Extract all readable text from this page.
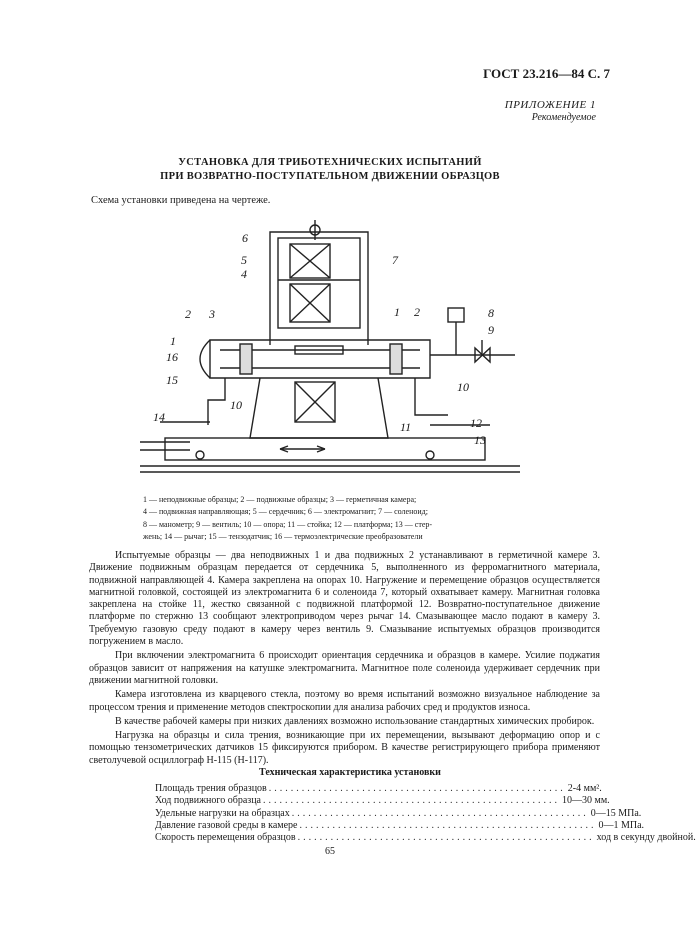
ГОСТ 23.216—84 С. 7
ПРИЛОЖЕНИЕ 1
Рекомендуемое
УСТАНОВКА ДЛЯ ТРИБОТЕХНИЧЕСКИХ ИСПЫТАНИЙ
ПРИ ВОЗВРАТНО-ПОСТУПАТЕЛЬНОМ ДВИЖЕНИИ ОБРАЗЦОВ
Схема установки приведена на чертеже.
6
5
4
7
2 3	1 2	8
9
1
16
15	10
10
14
11	12
13

1 — неподвижные образцы; 2 — подвижные образцы; 3 — герметичная камера;

4 — подвижная направляющая; 5 — сердечник; 6 — электромагнит; 7 — соленоид;

8 — манометр; 9 — вентиль; 10 — опора; 11 — стойка; 12 — платформа; 13 — стер-

жень; 14 — рычаг; 15 — тензодатчик; 16 — термоэлектрические преобразователи

Испытуемые образцы — два неподвижных 1 и два подвижных 2 устанавливают в герметичной камере 3. Движение подвижным образцам передается от сердечника 5, выполненного из ферромагнитного материала, подвижной направляющей 4. Камера закреплена на опорах 10. Нагружение и перемещение образцов осуществляется магнитной головкой, состоящей из электромагнита 6 и соленоида 7, который охватывает камеру. Магнитная головка закреплена на стойке 11, жестко связанной с подвижной платформой 12. Возвратно-поступательное движение платформе по стержню 13 сообщают электроприводом через рычаг 14. Смазывающее масло подают в камеру 3. Требуемую газовую среду подают в камеру через вентиль 9. Смазывание испытуемых образцов производится погружением в масло.

При включении электромагнита 6 происходит ориентация сердечника и образцов в камере. Усилие поджатия образцов зависит от напряжения на катушке электромагнита. Магнитное поле соленоида удерживает сердечник при движении магнитной головки.

Камера изготовлена из кварцевого стекла, поэтому во время испытаний возможно визуальное наблюдение за процессом трения и применение методов спектроскопии для анализа рабочих сред и продуктов износа.

В качестве рабочей камеры при низких давлениях возможно использование стандартных химических пробирок.

Нагрузка на образцы и сила трения, возникающие при их перемещении, вызывают деформацию опор и с помощью тензометрических датчиков 15 фиксируются прибором. В качестве регистрирующего прибора применяют светолучевой осциллограф Н-115 (Н-117).

Техническая характеристика установки
Площадь трения образцов ...................................................... 2-4 мм².
Ход подвижного образца ...................................................... 10—30 мм.
Удельные нагрузки на образцах ...................................................... 0—15 МПа.
Давление газовой среды в камере ...................................................... 0—1 МПа.
Скорость перемещения образцов ...................................................... ход в секунду двойной.
65
